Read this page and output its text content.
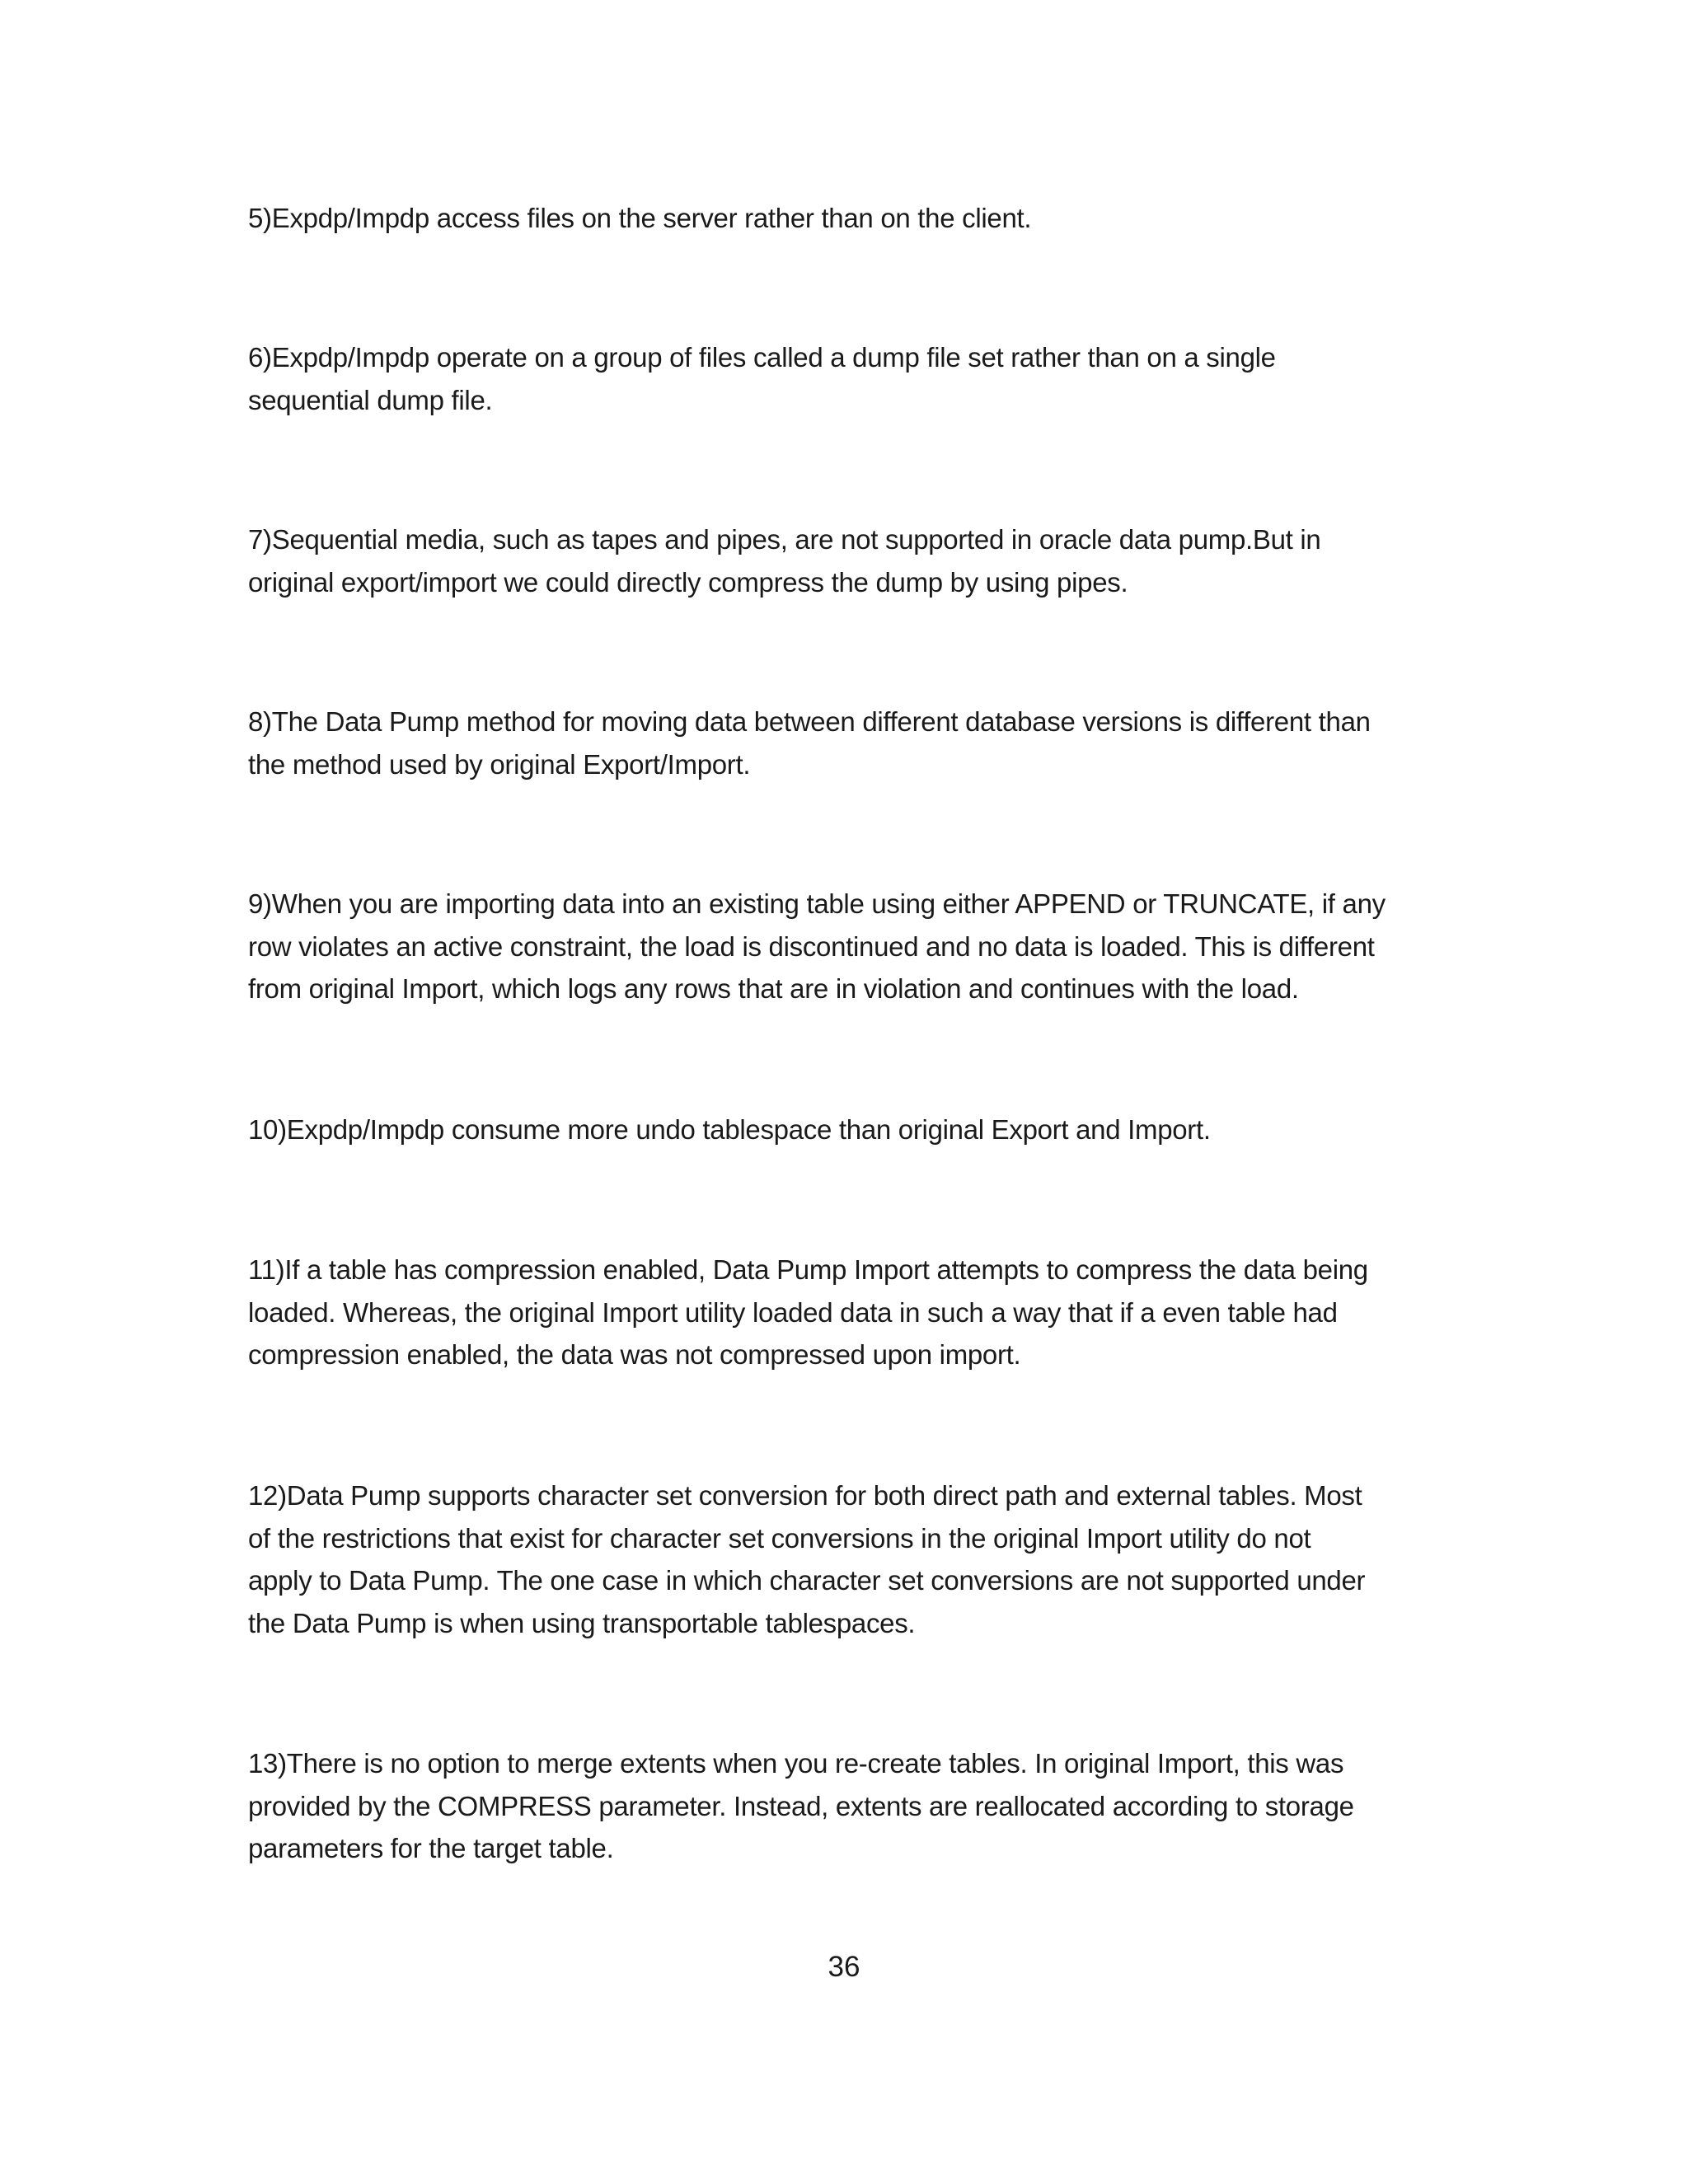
5)Expdp/Impdp access files on the server rather than on the client.

6)Expdp/Impdp operate on a group of files called a dump file set rather than on a single
sequential dump file.

7)Sequential media, such as tapes and pipes, are not supported in oracle data pump.But in
original export/import we could directly compress the dump by using pipes.

8)The Data Pump method for moving data between different database versions is different than
the method used by original Export/Import.

9)When you are importing data into an existing table using either APPEND or TRUNCATE, if any
row violates an active constraint, the load is discontinued and no data is loaded. This is different
from original Import, which logs any rows that are in violation and continues with the load.

10)Expdp/Impdp consume more undo tablespace than original Export and Import.

11)If a table has compression enabled, Data Pump Import attempts to compress the data being
loaded. Whereas, the original Import utility loaded data in such a way that if a even table had
compression enabled, the data was not compressed upon import.

12)Data Pump supports character set conversion for both direct path and external tables. Most
of the restrictions that exist for character set conversions in the original Import utility do not
apply to Data Pump. The one case in which character set conversions are not supported under
the Data Pump is when using transportable tablespaces.

13)There is no option to merge extents when you re-create tables. In original Import, this was
provided by the COMPRESS parameter. Instead, extents are reallocated according to storage
parameters for the target table.

36
